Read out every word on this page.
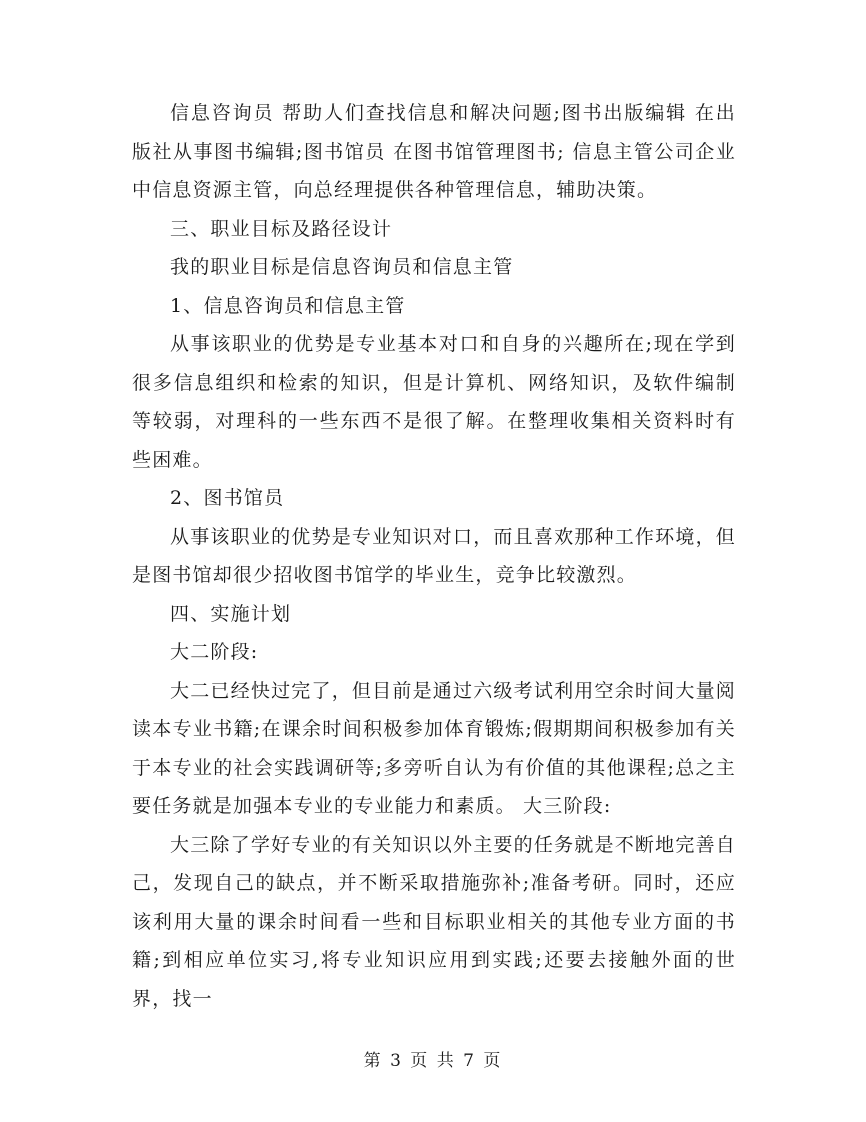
信息咨询员 帮助人们查找信息和解决问题;图书出版编辑 在出版社从事图书编辑;图书馆员 在图书馆管理图书; 信息主管公司企业中信息资源主管，向总经理提供各种管理信息，辅助决策。

三、职业目标及路径设计

我的职业目标是信息咨询员和信息主管

1、信息咨询员和信息主管

从事该职业的优势是专业基本对口和自身的兴趣所在;现在学到很多信息组织和检索的知识，但是计算机、网络知识，及软件编制等较弱，对理科的一些东西不是很了解。在整理收集相关资料时有些困难。

2、图书馆员

从事该职业的优势是专业知识对口，而且喜欢那种工作环境，但是图书馆却很少招收图书馆学的毕业生，竞争比较激烈。

四、实施计划

大二阶段:

大二已经快过完了，但目前是通过六级考试利用空余时间大量阅读本专业书籍;在课余时间积极参加体育锻炼;假期期间积极参加有关于本专业的社会实践调研等;多旁听自认为有价值的其他课程;总之主要任务就是加强本专业的专业能力和素质。 大三阶段:

大三除了学好专业的有关知识以外主要的任务就是不断地完善自己，发现自己的缺点，并不断采取措施弥补;准备考研。同时，还应该利用大量的课余时间看一些和目标职业相关的其他专业方面的书籍;到相应单位实习,将专业知识应用到实践;还要去接触外面的世界，找一

第 3 页 共 7 页
